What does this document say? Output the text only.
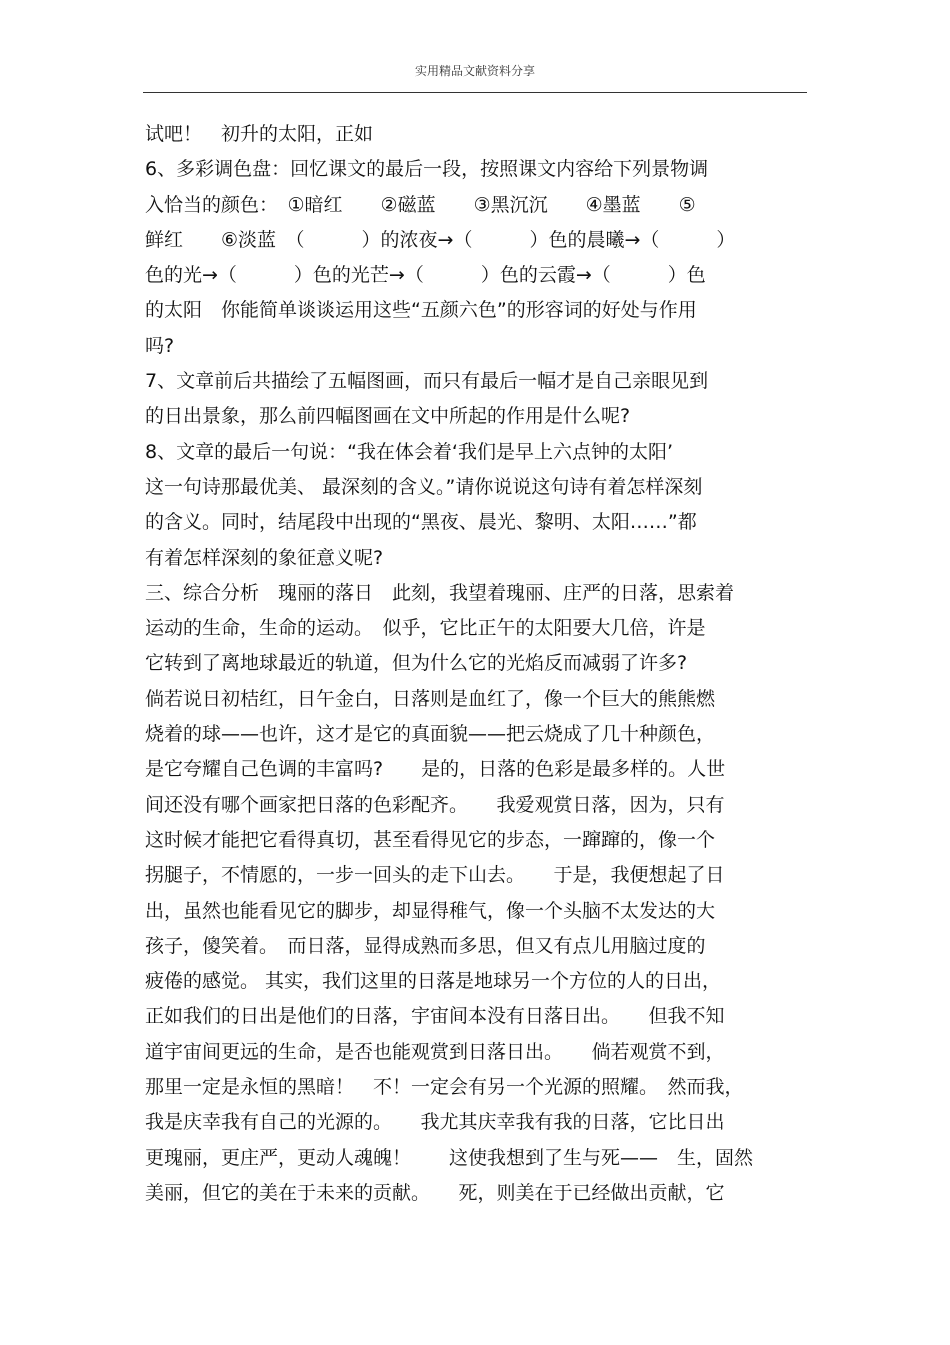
实用精品文献资料分享
试吧！　初升的太阳，正如
6、多彩调色盘：回忆课文的最后一段，按照课文内容给下列景物调
入恰当的颜色：　①暗红　　②磁蓝　　③黑沉沉　　④墨蓝　　⑤
鲜红　　⑥淡蓝　（　　　）的浓夜→（　　　）色的晨曦→（　　　）
色的光→（　　　）色的光芒→（　　　）色的云霞→（　　　）色
的太阳　你能简单谈谈运用这些“五颜六色”的形容词的好处与作用
吗?
7、文章前后共描绘了五幅图画，而只有最后一幅才是自己亲眼见到
的日出景象，那么前四幅图画在文中所起的作用是什么呢?
8、文章的最后一句说：“我在体会着‘我们是早上六点钟的太阳’
这一句诗那最优美、 最深刻的含义。”请你说说这句诗有着怎样深刻
的含义。同时，结尾段中出现的“黑夜、晨光、黎明、太阳……”都
有着怎样深刻的象征意义呢?
三、综合分析　瑰丽的落日　此刻，我望着瑰丽、庄严的日落，思索着
运动的生命，生命的运动。　似乎，它比正午的太阳要大几倍，许是
它转到了离地球最近的轨道，但为什么它的光焰反而减弱了许多?
倘若说日初桔红，日午金白，日落则是血红了，像一个巨大的熊熊燃
烧着的球——也许，这才是它的真面貌——把云烧成了几十种颜色，
是它夸耀自己色调的丰富吗?　　是的，日落的色彩是最多样的。人世
间还没有哪个画家把日落的色彩配齐。　　我爱观赏日落，因为，只有
这时候才能把它看得真切，甚至看得见它的步态，一蹿蹿的，像一个
拐腿子，不情愿的，一步一回头的走下山去。　　于是，我便想起了日
出，虽然也能看见它的脚步，却显得稚气，像一个头脑不太发达的大
孩子，傻笑着。　而日落，显得成熟而多思，但又有点儿用脑过度的
疲倦的感觉。 其实，我们这里的日落是地球另一个方位的人的日出，
正如我们的日出是他们的日落，宇宙间本没有日落日出。　　但我不知
道宇宙间更远的生命，是否也能观赏到日落日出。　　倘若观赏不到，
那里一定是永恒的黑暗！　不！一定会有另一个光源的照耀。　然而我，
我是庆幸我有自己的光源的。　　我尤其庆幸我有我的日落，它比日出
更瑰丽，更庄严，更动人魂魄！　　这使我想到了生与死——　生，固然
美丽，但它的美在于未来的贡献。　　死，则美在于已经做出贡献，它
